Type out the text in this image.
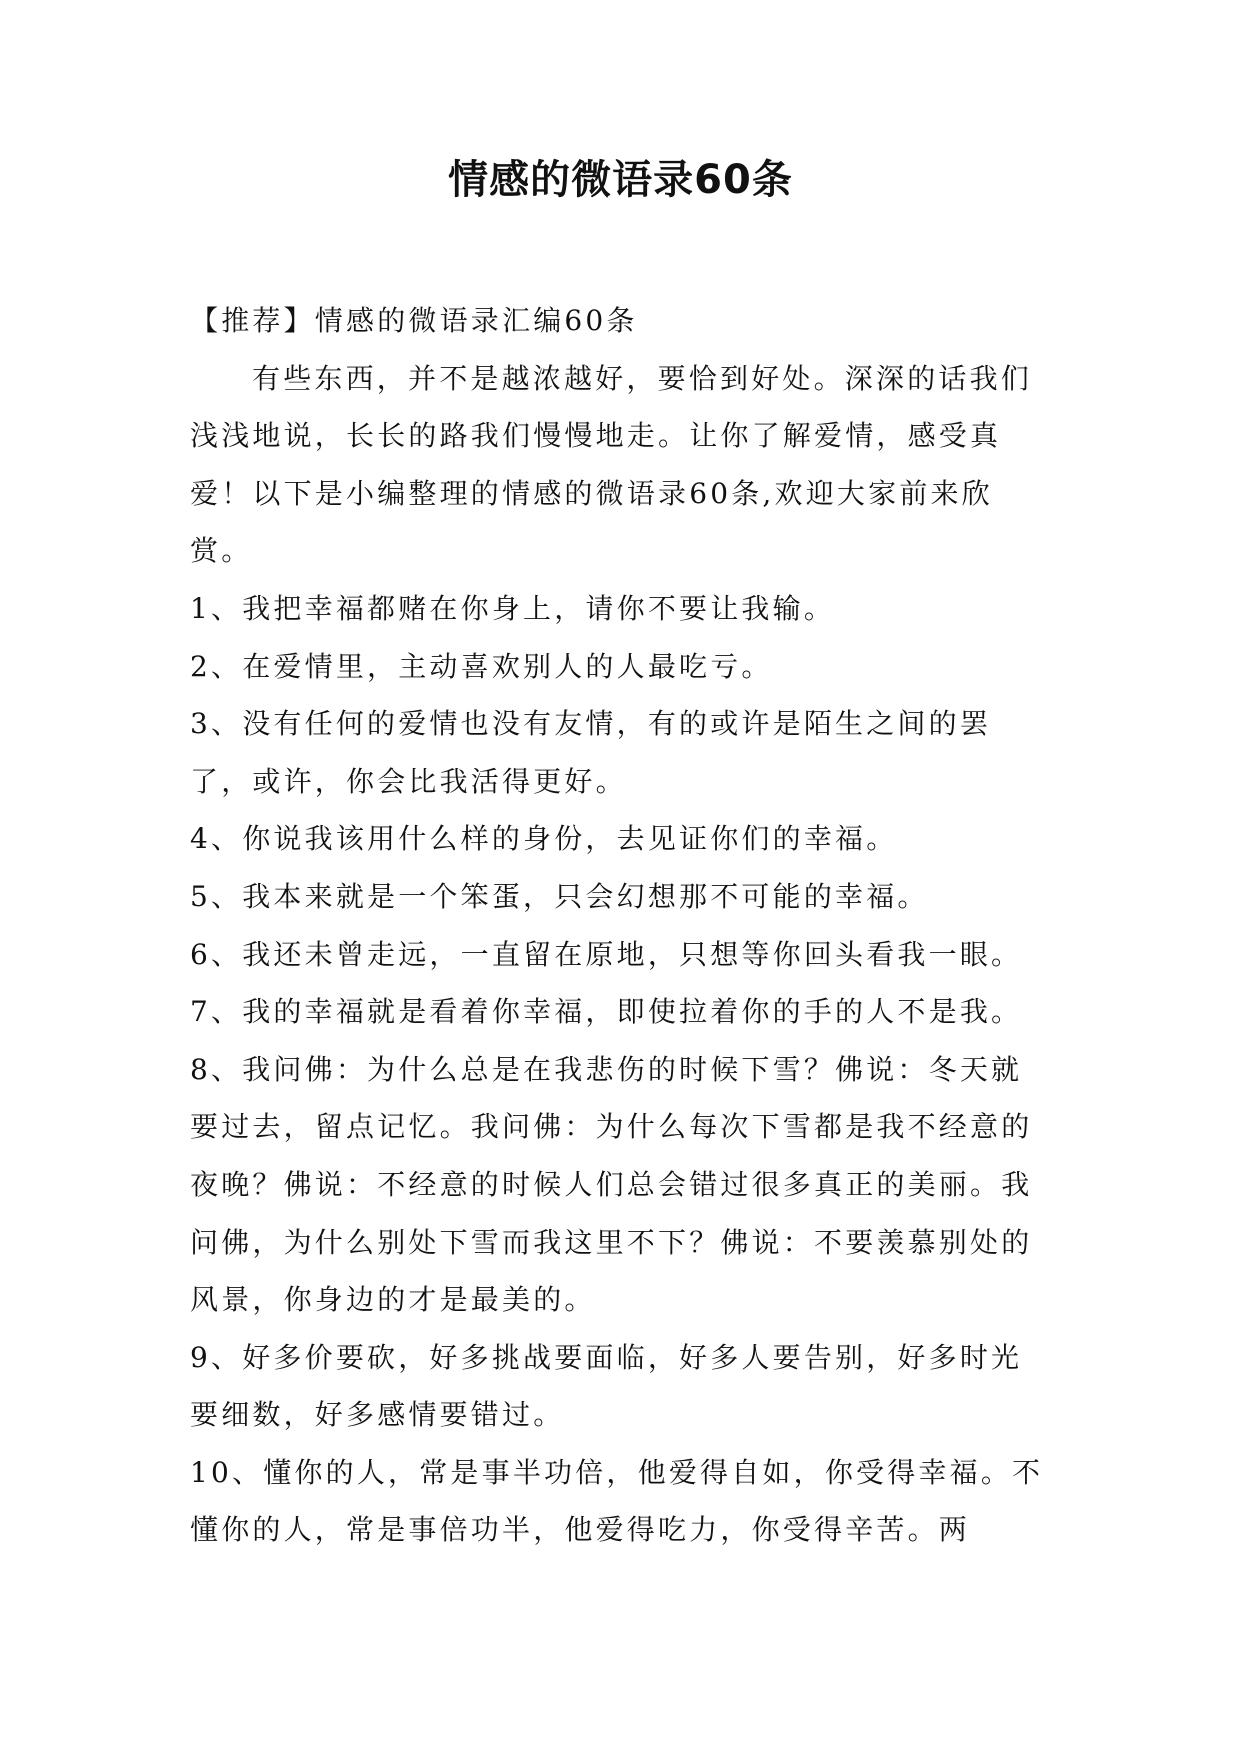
情感的微语录60条

【推荐】情感的微语录汇编60条

有些东西，并不是越浓越好，要恰到好处。深深的话我们浅浅地说，长长的路我们慢慢地走。让你了解爱情，感受真爱！以下是小编整理的情感的微语录60条,欢迎大家前来欣赏。

1、我把幸福都赌在你身上，请你不要让我输。

2、在爱情里，主动喜欢别人的人最吃亏。

3、没有任何的爱情也没有友情，有的或许是陌生之间的罢了，或许，你会比我活得更好。

4、你说我该用什么样的身份，去见证你们的幸福。

5、我本来就是一个笨蛋，只会幻想那不可能的幸福。

6、我还未曾走远，一直留在原地，只想等你回头看我一眼。

7、我的幸福就是看着你幸福，即使拉着你的手的人不是我。

8、我问佛：为什么总是在我悲伤的时候下雪？佛说：冬天就要过去，留点记忆。我问佛：为什么每次下雪都是我不经意的夜晚？佛说：不经意的时候人们总会错过很多真正的美丽。我问佛，为什么别处下雪而我这里不下？佛说：不要羡慕别处的风景，你身边的才是最美的。

9、好多价要砍，好多挑战要面临，好多人要告别，好多时光要细数，好多感情要错过。

10、懂你的人，常是事半功倍，他爱得自如，你受得幸福。不懂你的人，常是事倍功半，他爱得吃力，你受得辛苦。两
